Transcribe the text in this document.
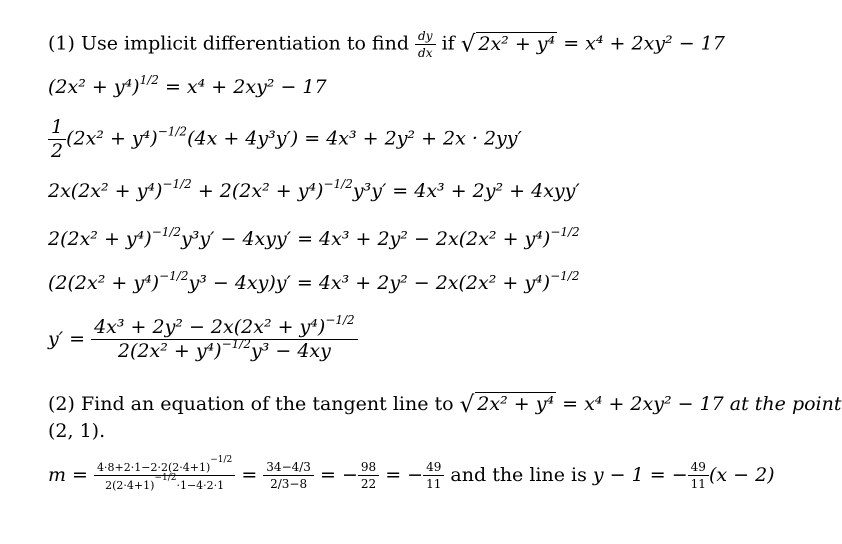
(1) Use implicit differentiation to find $\frac{dy}{dx}$ if √ 2x² + y⁴ = x⁴ + 2xy² − 17
$(2x^2 + y^4)^{1/2} = x^4 + 2xy^2 - 17$
$\frac{1}{2} (2x^2 + y^4)^{-1/2}(4x + 4y^3y') = 4x^3 + 2y^2 + 2x \cdot 2yy'$
$2x(2x^2 + y^4)^{-1/2} + 2(2x^2 + y^4)^{-1/2}y^3y' = 4x^3 + 2y^2 + 4xyy'$
$2(2x^2 + y^4)^{-1/2}y^3y' - 4xyy' = 4x^3 + 2y^2 - 2x(2x^2 + y^4)^{-1/2}$
$(2(2x^2 + y^4)^{-1/2}y^3 - 4xy)y' = 4x^3 + 2y^2 - 2x(2x^2 + y^4)^{-1/2}$
$y' = \frac{4x^3 + 2y^2 - 2x(2x^2 + y^4)^{-1/2}}{2(2x^2 + y^4)^{-1/2}y^3 - 4xy}$
(2) Find an equation of the tangent line to √ 2x² + y⁴ = x⁴ + 2xy² − 17 at the point
(2, 1).
$m = \frac{4\cdot 8+2\cdot 1-2\cdot 2(2\cdot 4+1)^{-1/2}}{2(2\cdot 4+1)^{-1/2}\cdot 1-4\cdot 2\cdot 1} = \frac{34-4/3}{2/3-8}$ = − $\frac{98}{22}$ = − $\frac{49}{11}$ and the line is y − 1 = − $\frac{49}{11} (x - 2)$
